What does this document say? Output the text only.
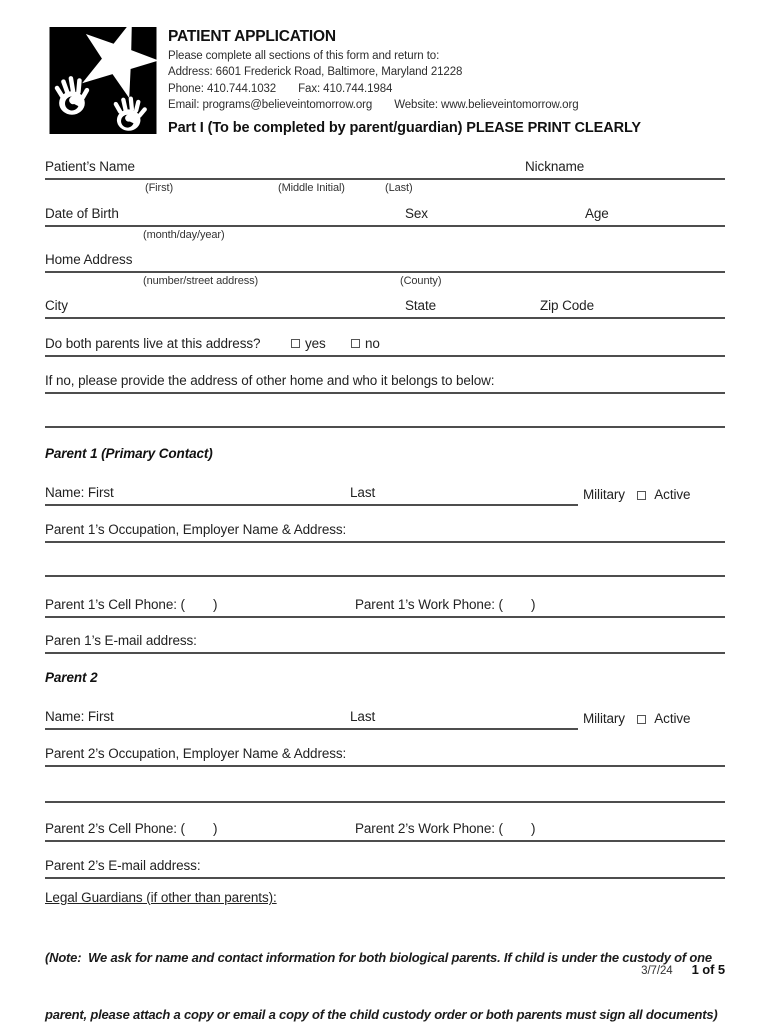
PATIENT APPLICATION
Please complete all sections of this form and return to:
Address: 6601 Frederick Road, Baltimore, Maryland 21228
Phone: 410.744.1032 Fax: 410.744.1984
Email: programs@believeintomorrow.org Website: www.believeintomorrow.org
Part I (To be completed by parent/guardian) PLEASE PRINT CLEARLY
Patient’s Name	Nickname
(First)	(Middle Initial)	(Last)
Date of Birth	Sex	Age
(month/day/year)
Home Address
(number/street address)	(County)
City	State	Zip Code
Do both parents live at this address?	yes	no
If no, please provide the address of other home and who it belongs to below:
Parent 1 (Primary Contact)
Name: First	Last	Military Active
Parent 1’s Occupation, Employer Name & Address:
Parent 1’s Cell Phone: ( )	Parent 1’s Work Phone: ( )
Paren 1’s E-mail address:
Parent 2
Name: First	Last	Military Active
Parent 2’s Occupation, Employer Name & Address:
Parent 2’s Cell Phone: ( )	Parent 2’s Work Phone: ( )
Parent 2’s E-mail address:
Legal Guardians (if other than parents):

(Note:  We ask for name and contact information for both biological parents. If child is under the custody of one

parent, please attach a copy or email a copy of the child custody order or both parents must sign all documents)

3/7/24 1 of 5
